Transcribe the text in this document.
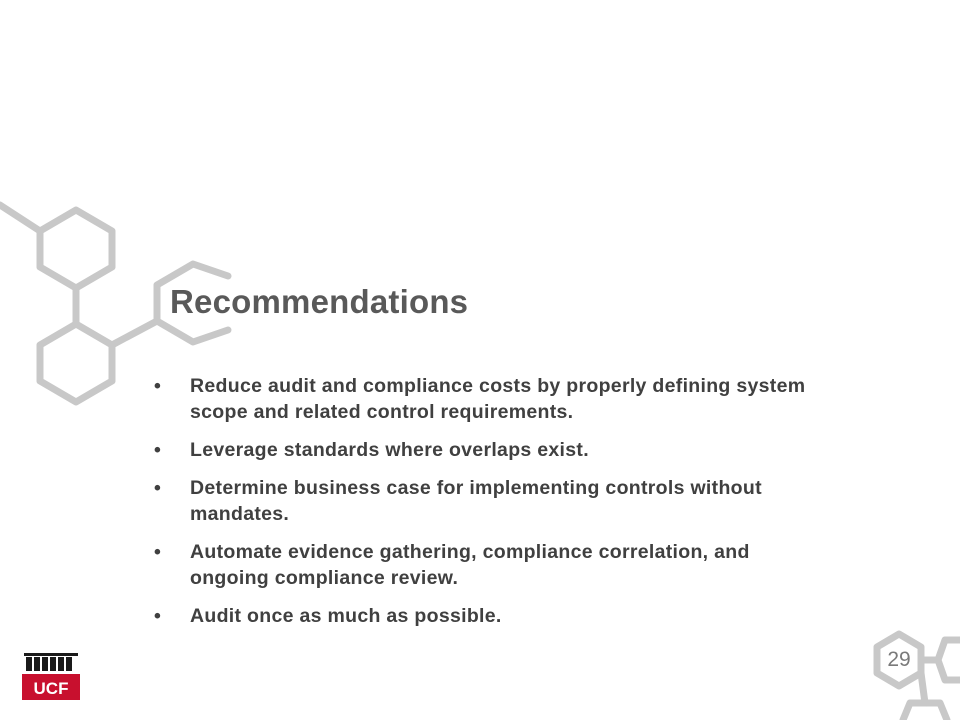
Recommendations
• Reduce audit and compliance costs by properly defining system scope and related control requirements.
• Leverage standards where overlaps exist.
• Determine business case for implementing controls without mandates.
• Automate evidence gathering, compliance correlation, and ongoing compliance review.
• Audit once as much as possible.
29
UCF
